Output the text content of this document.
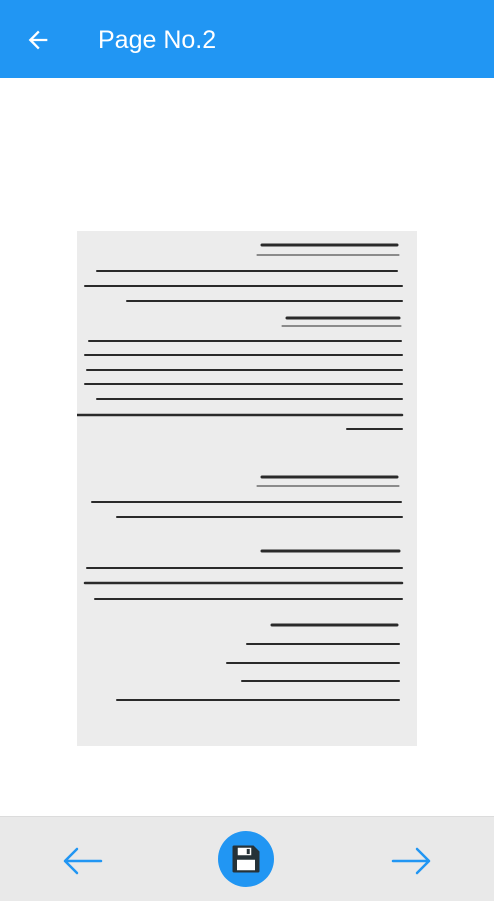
Page No.2
